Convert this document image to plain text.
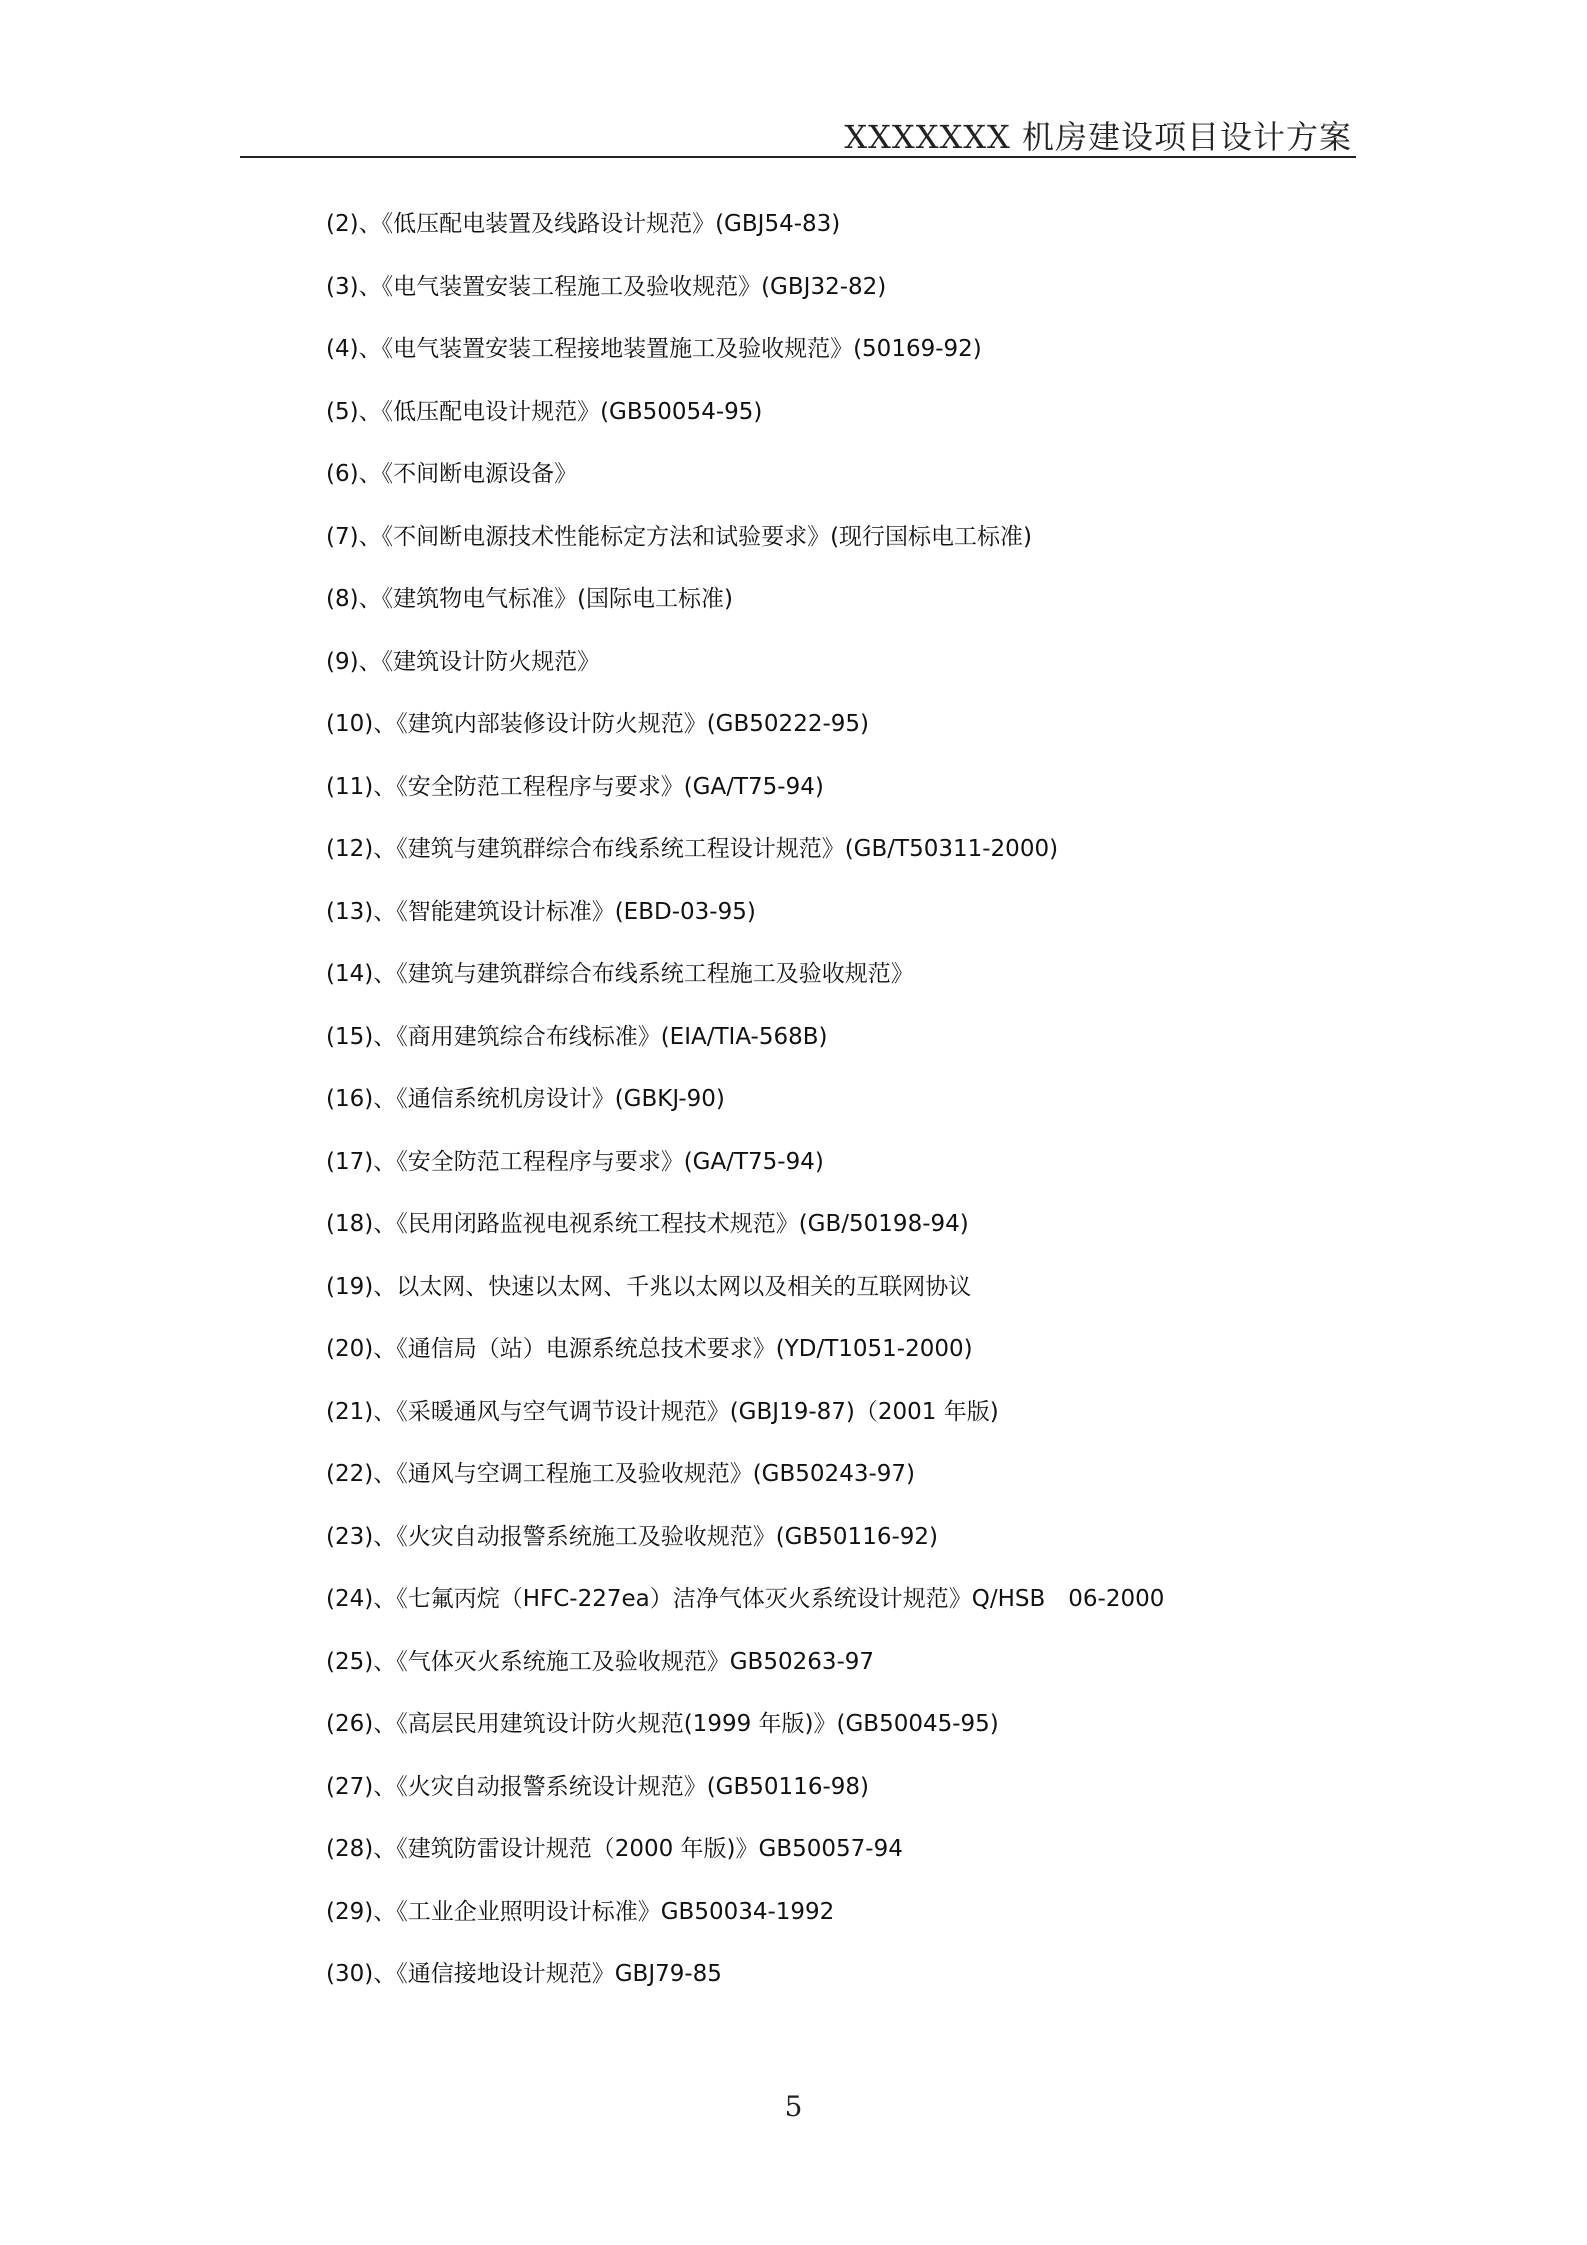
XXXXXXX 机房建设项目设计方案
(2)、《低压配电装置及线路设计规范》(GBJ54-83)
(3)、《电气装置安装工程施工及验收规范》(GBJ32-82)
(4)、《电气装置安装工程接地装置施工及验收规范》(50169-92)
(5)、《低压配电设计规范》(GB50054-95)
(6)、《不间断电源设备》
(7)、《不间断电源技术性能标定方法和试验要求》(现行国标电工标准)
(8)、《建筑物电气标准》(国际电工标准)
(9)、《建筑设计防火规范》
(10)、《建筑内部装修设计防火规范》(GB50222-95)
(11)、《安全防范工程程序与要求》(GA/T75-94)
(12)、《建筑与建筑群综合布线系统工程设计规范》(GB/T50311-2000)
(13)、《智能建筑设计标准》(EBD-03-95)
(14)、《建筑与建筑群综合布线系统工程施工及验收规范》
(15)、《商用建筑综合布线标准》(EIA/TIA-568B)
(16)、《通信系统机房设计》(GBKJ-90)
(17)、《安全防范工程程序与要求》(GA/T75-94)
(18)、《民用闭路监视电视系统工程技术规范》(GB/50198-94)
(19)、以太网、快速以太网、千兆以太网以及相关的互联网协议
(20)、《通信局（站）电源系统总技术要求》(YD/T1051-2000)
(21)、《采暖通风与空气调节设计规范》(GBJ19-87)（2001 年版)
(22)、《通风与空调工程施工及验收规范》(GB50243-97)
(23)、《火灾自动报警系统施工及验收规范》(GB50116-92)
(24)、《七氟丙烷（HFC-227ea）洁净气体灭火系统设计规范》Q/HSB　06-2000
(25)、《气体灭火系统施工及验收规范》GB50263-97
(26)、《高层民用建筑设计防火规范(1999 年版)》(GB50045-95)
(27)、《火灾自动报警系统设计规范》(GB50116-98)
(28)、《建筑防雷设计规范（2000 年版)》GB50057-94
(29)、《工业企业照明设计标准》GB50034-1992
(30)、《通信接地设计规范》GBJ79-85
5
